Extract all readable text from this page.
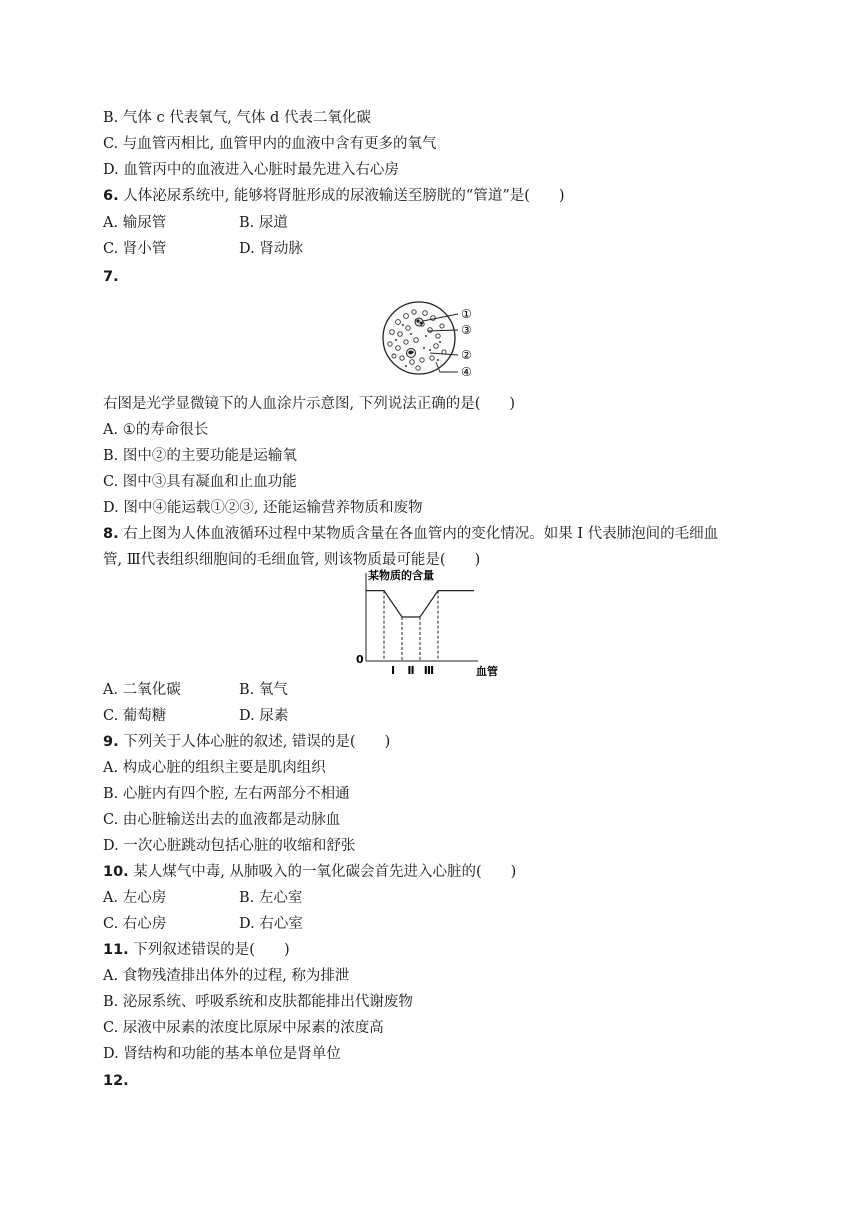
B. 气体 c 代表氧气, 气体 d 代表二氧化碳
C. 与血管丙相比, 血管甲内的血液中含有更多的氧气
D. 血管丙中的血液进入心脏时最先进入右心房
6. 人体泌尿系统中, 能够将肾脏形成的尿液输送至膀胱的“管道”是(　　)
A. 输尿管	B. 尿道
C. 肾小管	D. 肾动脉
7.
①
③
②
④
右图是光学显微镜下的人血涂片示意图, 下列说法正确的是(　　)
A. ①的寿命很长
B. 图中②的主要功能是运输氧
C. 图中③具有凝血和止血功能
D. 图中④能运载①②③, 还能运输营养物质和废物
8. 右上图为人体血液循环过程中某物质含量在各血管内的变化情况。如果 Ⅰ 代表肺泡间的毛细血
管, Ⅲ代表组织细胞间的毛细血管, 则该物质最可能是(　　)
某物质的含量
0
血管
Ⅰ Ⅱ Ⅲ
A. 二氧化碳	B. 氧气
C. 葡萄糖	D. 尿素
9. 下列关于人体心脏的叙述, 错误的是(　　)
A. 构成心脏的组织主要是肌肉组织
B. 心脏内有四个腔, 左右两部分不相通
C. 由心脏输送出去的血液都是动脉血
D. 一次心脏跳动包括心脏的收缩和舒张
10. 某人煤气中毒, 从肺吸入的一氧化碳会首先进入心脏的(　　)
A. 左心房	B. 左心室
C. 右心房	D. 右心室
11. 下列叙述错误的是(　　)
A. 食物残渣排出体外的过程, 称为排泄
B. 泌尿系统、呼吸系统和皮肤都能排出代谢废物
C. 尿液中尿素的浓度比原尿中尿素的浓度高
D. 肾结构和功能的基本单位是肾单位
12.
